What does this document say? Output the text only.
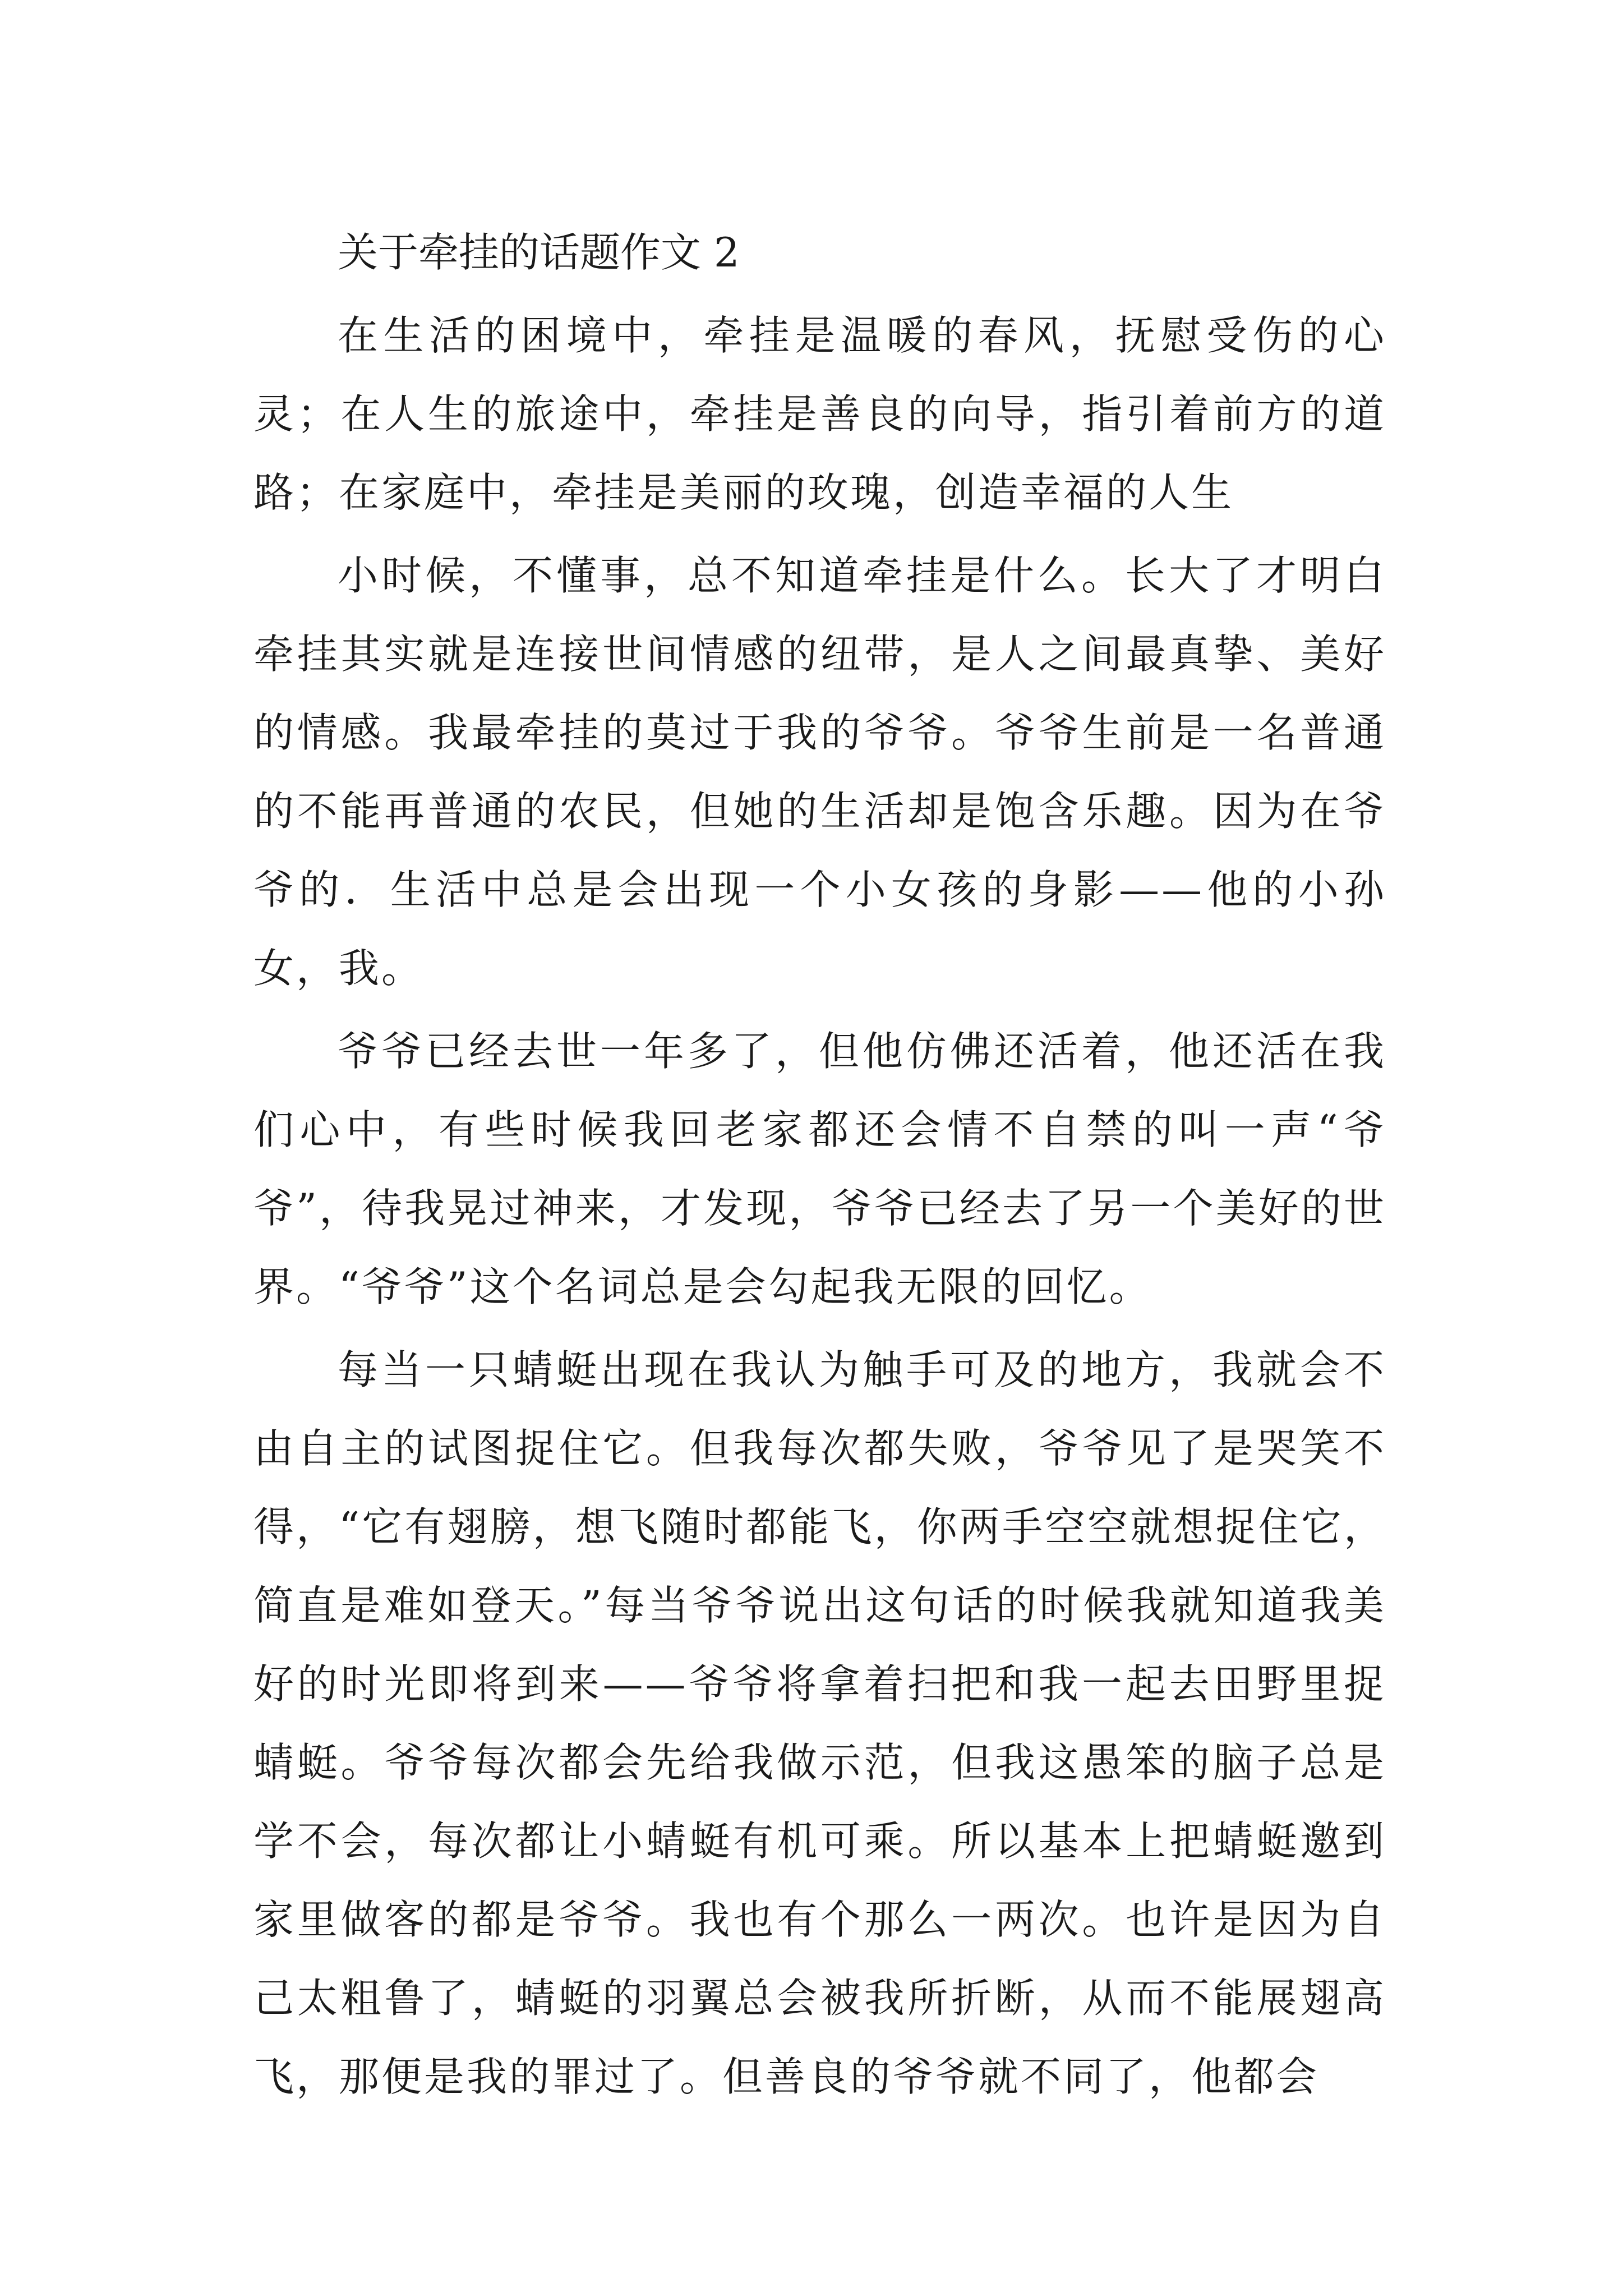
关于牵挂的话题作文 2

在生活的困境中，牵挂是温暖的春风，抚慰受伤的心灵；在人生的旅途中，牵挂是善良的向导，指引着前方的道路；在家庭中，牵挂是美丽的玫瑰，创造幸福的人生

小时候，不懂事，总不知道牵挂是什么。长大了才明白牵挂其实就是连接世间情感的纽带，是人之间最真挚、美好的情感。我最牵挂的莫过于我的爷爷。爷爷生前是一名普通的不能再普通的农民，但她的生活却是饱含乐趣。因为在爷爷的．生活中总是会出现一个小女孩的身影——他的小孙女，我。

爷爷已经去世一年多了，但他仿佛还活着，他还活在我们心中，有些时候我回老家都还会情不自禁的叫一声“爷爷”，待我晃过神来，才发现，爷爷已经去了另一个美好的世界。“爷爷”这个名词总是会勾起我无限的回忆。

每当一只蜻蜓出现在我认为触手可及的地方，我就会不由自主的试图捉住它。但我每次都失败，爷爷见了是哭笑不得，“它有翅膀，想飞随时都能飞，你两手空空就想捉住它，简直是难如登天。”每当爷爷说出这句话的时候我就知道我美好的时光即将到来——爷爷将拿着扫把和我一起去田野里捉蜻蜓。爷爷每次都会先给我做示范，但我这愚笨的脑子总是学不会，每次都让小蜻蜓有机可乘。所以基本上把蜻蜓邀到家里做客的都是爷爷。我也有个那么一两次。也许是因为自己太粗鲁了，蜻蜓的羽翼总会被我所折断，从而不能展翅高飞，那便是我的罪过了。但善良的爷爷就不同了，他都会
